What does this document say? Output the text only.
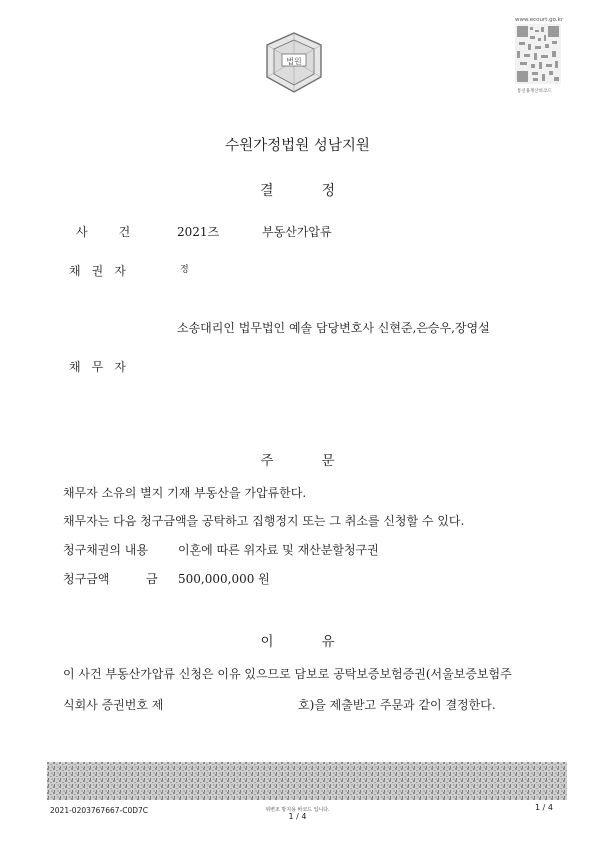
법원
www.ecourt.go.kr
통신용계산바코드
수원가정법원 성남지원
결	정
사	건	2021즈	부동산가압류
채 권 자	정
소송대리인 법무법인 예솔 담당변호사 신현준,은승우,장영설
채 무 자
주	문
채무자 소유의 별지 기재 부동산을 가압류한다.
채무자는 다음 청구금액을 공탁하고 집행정지 또는 그 취소를 신청할 수 있다.
청구채권의 내용	이혼에 따른 위자료 및 재산분할청구권
청구금액	금 500,000,000 원
이	유
이 사건 부동산가압류 신청은 이유 있으므로 담보로 공탁보증보험증권(서울보증보험주
식회사 증권번호 제	호)을 제출받고 주문과 같이 결정한다.
2021-0203767667-C0D7C	위변조 방지용 바코드 입니다.
1 / 4
1 / 4
